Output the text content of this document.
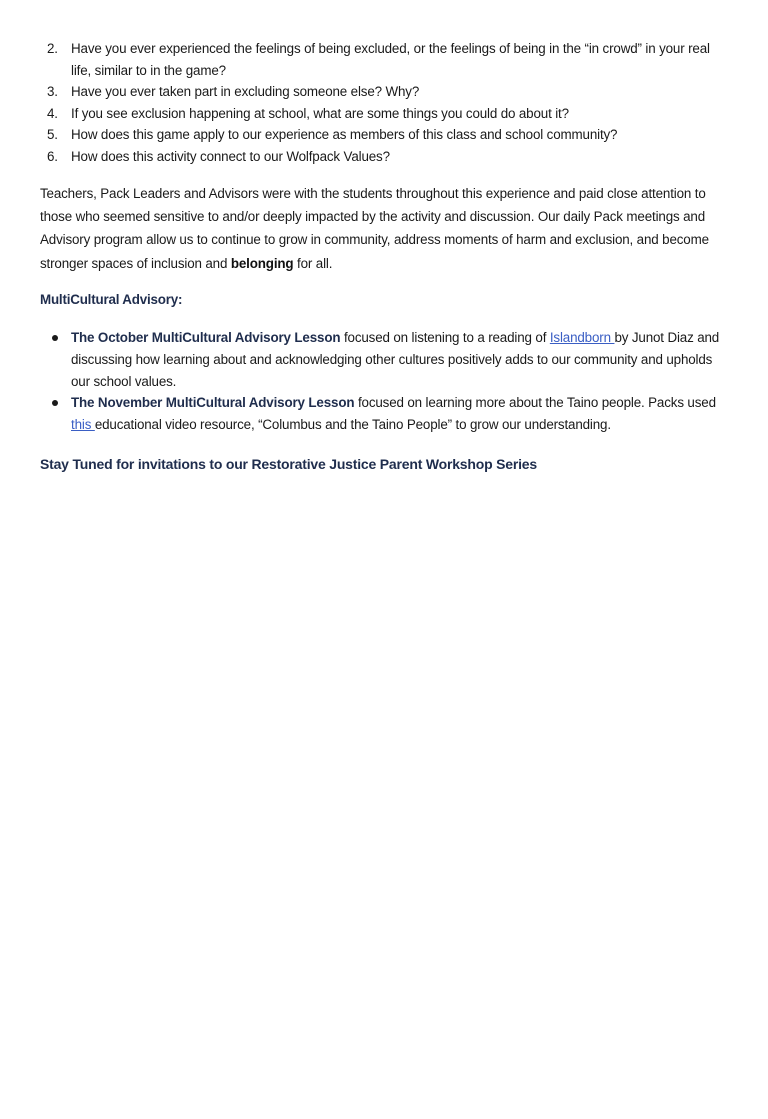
2. Have you ever experienced the feelings of being excluded, or the feelings of being in the “in crowd” in your real life, similar to in the game?
3. Have you ever taken part in excluding someone else? Why?
4. If you see exclusion happening at school, what are some things you could do about it?
5. How does this game apply to our experience as members of this class and school community?
6. How does this activity connect to our Wolfpack Values?

Teachers, Pack Leaders and Advisors were with the students throughout this experience and paid close attention to those who seemed sensitive to and/or deeply impacted by the activity and discussion. Our daily Pack meetings and Advisory program allow us to continue to grow in community, address moments of harm and exclusion, and become stronger spaces of inclusion and belonging for all.

MultiCultural Advisory:
The October MultiCultural Advisory Lesson focused on listening to a reading of Islandborn by Junot Diaz and discussing how learning about and acknowledging other cultures positively adds to our community and upholds our school values.
The November MultiCultural Advisory Lesson focused on learning more about the Taino people. Packs used this educational video resource, “Columbus and the Taino People” to grow our understanding.

Stay Tuned for invitations to our Restorative Justice Parent Workshop Series
